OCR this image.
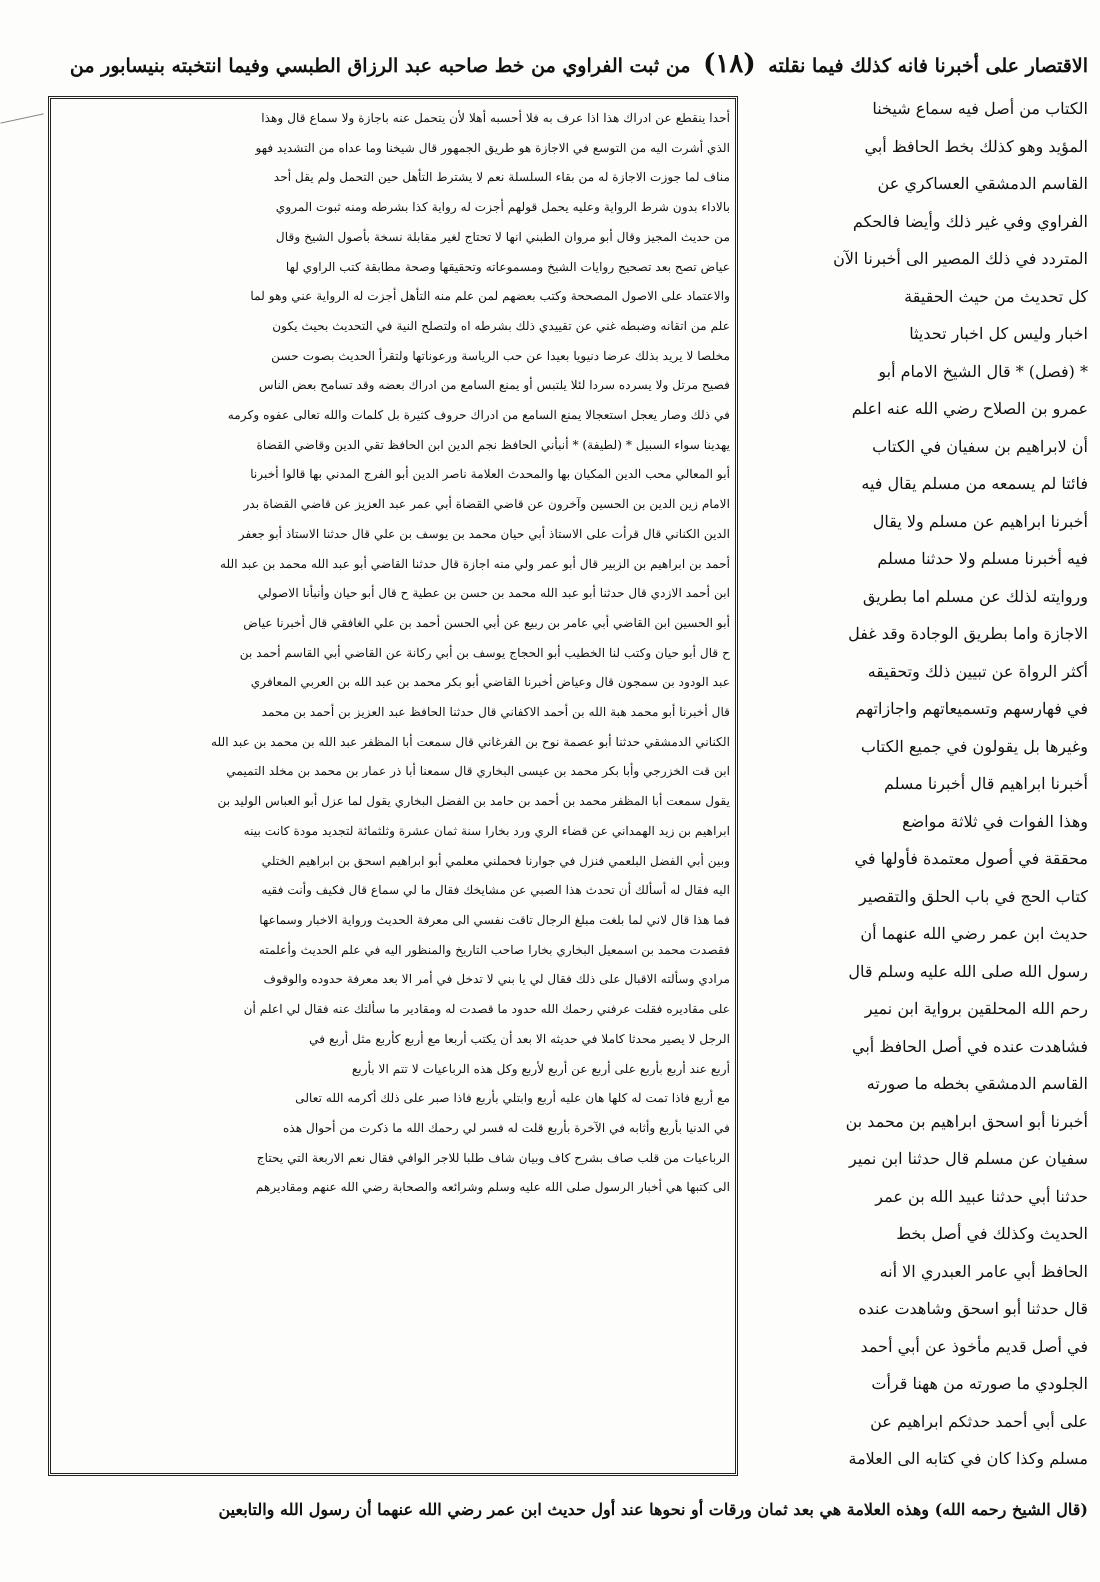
الاقتصار على أخبرنا فانه كذلك فيما نقلته (١٨) من ثبت الفراوي من خط صاحبه عبد الرزاق الطبسي وفيما انتخبته بنيسابور من

الكتاب من أصل فيه سماع شيخنا

المؤيد وهو كذلك بخط الحافظ أبي

القاسم الدمشقي العساكري عن

الفراوي وفي غير ذلك وأيضا فالحكم

المتردد في ذلك المصير الى أخبرنا الآن

كل تحديث من حيث الحقيقة

اخبار وليس كل اخبار تحديثا

* (فصل) * قال الشيخ الامام أبو

عمرو بن الصلاح رضي الله عنه اعلم

أن لابراهيم بن سفيان في الكتاب

فائتا لم يسمعه من مسلم يقال فيه

أخبرنا ابراهيم عن مسلم ولا يقال

فيه أخبرنا مسلم ولا حدثنا مسلم

وروايته لذلك عن مسلم اما بطريق

الاجازة واما بطريق الوجادة وقد غفل

أكثر الرواة عن تبيين ذلك وتحقيقه

في فهارسهم وتسميعاتهم واجازاتهم

وغيرها بل يقولون في جميع الكتاب

أخبرنا ابراهيم قال أخبرنا مسلم

وهذا الفوات في ثلاثة مواضع

محققة في أصول معتمدة فأولها في

كتاب الحج في باب الحلق والتقصير

حديث ابن عمر رضي الله عنهما أن

رسول الله صلى الله عليه وسلم قال

رحم الله المحلقين برواية ابن نمير

فشاهدت عنده في أصل الحافظ أبي

القاسم الدمشقي بخطه ما صورته

أخبرنا أبو اسحق ابراهيم بن محمد بن

سفيان عن مسلم قال حدثنا ابن نمير

حدثنا أبي حدثنا عبيد الله بن عمر

الحديث وكذلك في أصل بخط

الحافظ أبي عامر العبدري الا أنه

قال حدثنا أبو اسحق وشاهدت عنده

في أصل قديم مأخوذ عن أبي أحمد

الجلودي ما صورته من ههنا قرأت

على أبي أحمد حدثكم ابراهيم عن

مسلم وكذا كان في كتابه الى العلامة

أحدا ينقطع عن ادراك هذا اذا عرف به فلا أحسبه أهلا لأن يتحمل عنه باجازة ولا سماع قال وهذا

الذي أشرت اليه من التوسع في الاجازة هو طريق الجمهور قال شيخنا وما عداه من التشديد فهو

مناف لما جوزت الاجازة له من بقاء السلسلة نعم لا يشترط التأهل حين التحمل ولم يقل أحد

بالاداء بدون شرط الرواية وعليه يحمل قولهم أجزت له رواية كذا بشرطه ومنه ثبوت المروي

من حديث المجيز وقال أبو مروان الطبني انها لا تحتاج لغير مقابلة نسخة بأصول الشيخ وقال

عياض تصح بعد تصحيح روايات الشيخ ومسموعاته وتحقيقها وصحة مطابقة كتب الراوي لها

والاعتماد على الاصول المصححة وكتب بعضهم لمن علم منه التأهل أجزت له الرواية عني وهو لما

علم من اتقانه وضبطه غني عن تقييدي ذلك بشرطه اه ولتصلح النية في التحديث بحيث يكون

مخلصا لا يريد بذلك عرضا دنيويا بعيدا عن حب الرياسة ورعوناتها ولتقرأ الحديث بصوت حسن

فصيح مرتل ولا يسرده سردا لئلا يلتبس أو يمنع السامع من ادراك بعضه وقد تسامح بعض الناس

في ذلك وصار يعجل استعجالا يمنع السامع من ادراك حروف كثيرة بل كلمات والله تعالى عفوه وكرمه

يهدينا سواء السبيل * (لطيفة) * أنبأني الحافظ نجم الدين ابن الحافظ تقي الدين وقاضي القضاة

أبو المعالي محب الدين المكيان بها والمحدث العلامة ناصر الدين أبو الفرج المدني بها قالوا أخبرنا

الامام زين الدين بن الحسين وآخرون عن قاضي القضاة أبي عمر عبد العزيز عن قاضي القضاة بدر

الدين الكناني قال قرأت على الاستاذ أبي حيان محمد بن يوسف بن علي قال حدثنا الاستاذ أبو جعفر

أحمد بن ابراهيم بن الزبير قال أبو عمر ولي منه اجازة قال حدثنا القاضي أبو عبد الله محمد بن عبد الله

ابن أحمد الازدي قال حدثنا أبو عبد الله محمد بن حسن بن عطية ح قال أبو حيان وأنبأنا الاصولي

أبو الحسين ابن القاضي أبي عامر بن ربيع عن أبي الحسن أحمد بن علي الغافقي قال أخبرنا عياض

ح قال أبو حيان وكتب لنا الخطيب أبو الحجاج يوسف بن أبي ركانة عن القاضي أبي القاسم أحمد بن

عبد الودود بن سمجون قال وعياض أخبرنا القاضي أبو بكر محمد بن عبد الله بن العربي المعافري

قال أخبرنا أبو محمد هبة الله بن أحمد الاكفاني قال حدثنا الحافظ عبد العزيز بن أحمد بن محمد

الكناني الدمشقي حدثنا أبو عصمة نوح بن الفرغاني قال سمعت أبا المظفر عبد الله بن محمد بن عبد الله

ابن قت الخزرجي وأبا بكر محمد بن عيسى البخاري قال سمعنا أبا ذر عمار بن محمد بن مخلد التميمي

يقول سمعت أبا المظفر محمد بن أحمد بن حامد بن الفضل البخاري يقول لما عزل أبو العباس الوليد بن

ابراهيم بن زيد الهمداني عن قضاء الري ورد بخارا سنة ثمان عشرة وثلثمائة لتجديد مودة كانت بينه

وبين أبي الفضل البلعمي فنزل في جوارنا فحملني معلمي أبو ابراهيم اسحق بن ابراهيم الختلي

اليه فقال له أسألك أن تحدث هذا الصبي عن مشايخك فقال ما لي سماع قال فكيف وأنت فقيه

فما هذا قال لاني لما بلغت مبلغ الرجال تاقت نفسي الى معرفة الحديث ورواية الاخبار وسماعها

فقصدت محمد بن اسمعيل البخاري بخارا صاحب التاريخ والمنظور اليه في علم الحديث وأعلمته

مرادي وسألته الاقبال على ذلك فقال لي يا بني لا تدخل في أمر الا بعد معرفة حدوده والوقوف

على مقاديره فقلت عرفني رحمك الله حدود ما قصدت له ومقادير ما سألتك عنه فقال لي اعلم أن

الرجل لا يصير محدثا كاملا في حديثه الا بعد أن يكتب أربعا مع أربع كأربع مثل أربع في

أربع عند أربع بأربع على أربع عن أربع لأربع وكل هذه الرباعيات لا تتم الا بأربع

مع أربع فاذا تمت له كلها هان عليه أربع وابتلي بأربع فاذا صبر على ذلك أكرمه الله تعالى

في الدنيا بأربع وأثابه في الآخرة بأربع قلت له فسر لي رحمك الله ما ذكرت من أحوال هذه

الرباعيات من قلب صاف بشرح كاف وبيان شاف طلبا للاجر الوافي فقال نعم الاربعة التي يحتاج

الى كتبها هي أخبار الرسول صلى الله عليه وسلم وشرائعه والصحابة رضي الله عنهم ومقاديرهم

(قال الشيخ رحمه الله) وهذه العلامة هي بعد ثمان ورقات أو نحوها عند أول حديث ابن عمر رضي الله عنهما أن رسول الله والتابعين
